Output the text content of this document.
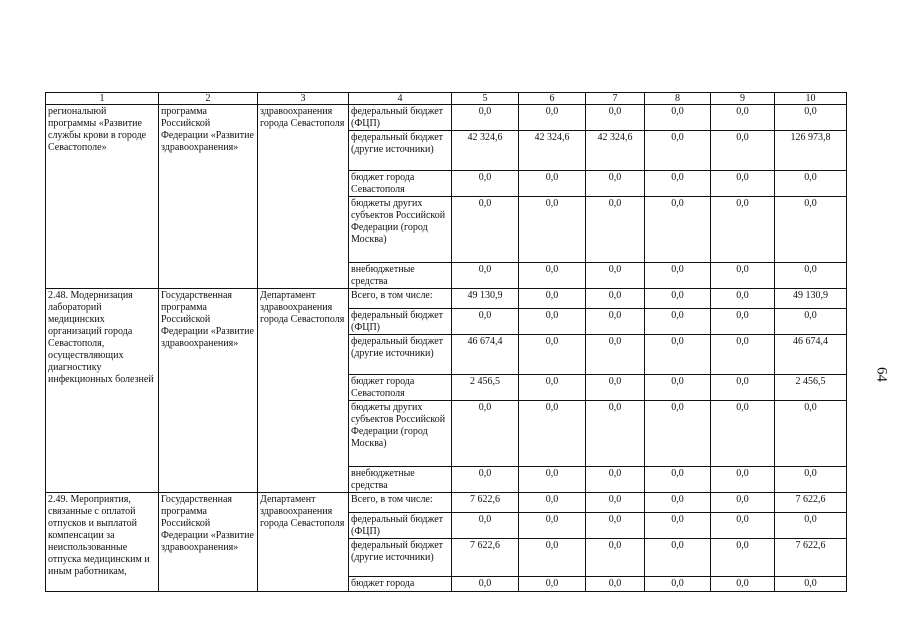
1	2	3	4	5	6	7	8	9	10
регионалыюй программы «Развитие службы крови в городе Севастополе»	программа Российской Федерации «Развитие здравоохранения»	здравоохранения города Севастополя	федеральный бюджет (ФЦП)	0,0	0,0	0,0	0,0	0,0	0,0
			федеральный бюджет (другие источники)	42 324,6	42 324,6	42 324,6	0,0	0,0	126 973,8
			бюджет города Севастополя	0,0	0,0	0,0	0,0	0,0	0,0
			бюджеты других субъектов Российской Федерации (город Москва)	0,0	0,0	0,0	0,0	0,0	0,0
			внебюджетные средства	0,0	0,0	0,0	0,0	0,0	0,0
2.48. Модернизация лабораторий медицинских организаций города Севастополя, осуществляющих диагностику инфекционных болезней	Государственная программа Российской Федерации «Развитие здравоохранения»	Департамент здравоохранения города Севастополя	Всего, в том числе:	49 130,9	0,0	0,0	0,0	0,0	49 130,9
			федеральный бюджет (ФЦП)	0,0	0,0	0,0	0,0	0,0	0,0
			федеральный бюджет (другие источники)	46 674,4	0,0	0,0	0,0	0,0	46 674,4
			бюджет города Севастополя	2 456,5	0,0	0,0	0,0	0,0	2 456,5
			бюджеты других субъектов Российской Федерации (город Москва)	0,0	0,0	0,0	0,0	0,0	0,0
			внебюджетные средства	0,0	0,0	0,0	0,0	0,0	0,0
2.49. Мероприятия, связанные с оплатой отпусков и выплатой компенсации за неиспользованные отпуска медицинским и иным работникам,	Государственная программа Российской Федерации «Развитие здравоохранения»	Департамент здравоохранения города Севастополя	Всего, в том числе:	7 622,6	0,0	0,0	0,0	0,0	7 622,6
			федеральный бюджет (ФЦП)	0,0	0,0	0,0	0,0	0,0	0,0
			федеральный бюджет (другие источники)	7 622,6	0,0	0,0	0,0	0,0	7 622,6
			бюджет города	0,0	0,0	0,0	0,0	0,0	0,0
64
